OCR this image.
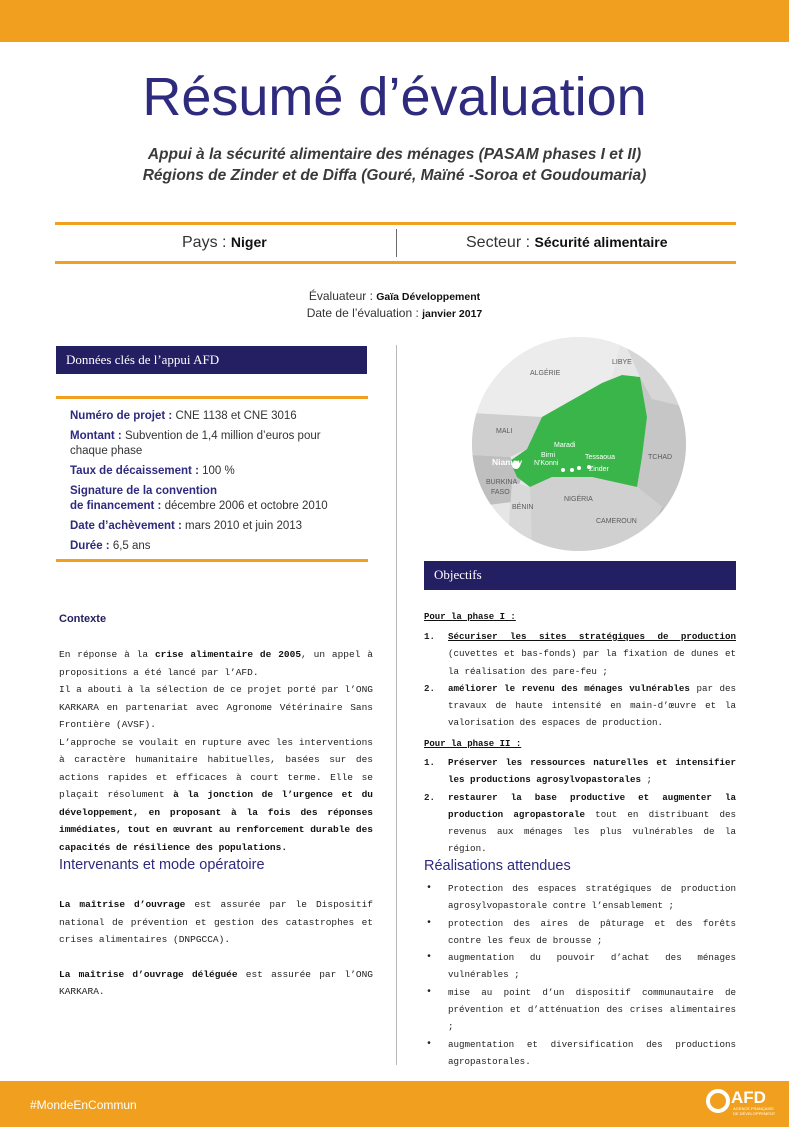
Résumé d’évaluation
Appui à la sécurité alimentaire des ménages (PASAM phases I et II)
Régions de Zinder et de Diffa (Gouré, Maïné -Soroa et Goudoumaria)
Pays : Niger	Secteur : Sécurité alimentaire
Évaluateur : Gaïa Développement
Date de l’évaluation : janvier 2017
Données clés de l’appui AFD
Numéro de projet : CNE 1138 et CNE 3016
Montant : Subvention de 1,4 million d’euros pour chaque phase
Taux de décaissement : 100 %
Signature de la convention
de financement : décembre 2006 et octobre 2010
Date d’achèvement : mars 2010 et juin 2013
Durée : 6,5 ans
ALGÉRIE
LIBYE
MALI
TCHAD
BURKINA
FASO
BÉNIN
NIGÉRIA
CAMEROUN
Niamey
Maradi
Birni
N'Konni
Tessaoua
Zinder
Objectifs
Contexte

En réponse à la crise alimentaire de 2005, un appel à propositions a été lancé par l’AFD.

Il a abouti à la sélection de ce projet porté par l’ONG KARKARA en partenariat avec Agronome Vétérinaire Sans Frontière (AVSF).

L’approche se voulait en rupture avec les interventions à caractère humanitaire habituelles, basées sur des actions rapides et efficaces à court terme. Elle se plaçait résolument à la jonction de l’urgence et du développement, en proposant à la fois des réponses immédiates, tout en œuvrant au renforcement durable des capacités de résilience des populations.

Intervenants et mode opératoire

La maîtrise d’ouvrage est assurée par le Dispositif national de prévention et gestion des catastrophes et crises alimentaires (DNPGCCA).

La maîtrise d’ouvrage déléguée est assurée par l’ONG KARKARA.

Pour la phase I :
1. Sécuriser les sites stratégiques de production (cuvettes et bas-fonds) par la fixation de dunes et la réalisation des pare-feu ;
2. améliorer le revenu des ménages vulnérables par des travaux de haute intensité en main-d’œuvre et la valorisation des espaces de production.
Pour la phase II :
1. Préserver les ressources naturelles et intensifier les productions agrosylvopastorales ;
2. restaurer la base productive et augmenter la production agropastorale tout en distribuant des revenus aux ménages les plus vulnérables de la région.
Réalisations attendues
• Protection des espaces stratégiques de production agrosylvopastorale contre l’ensablement ;
• protection des aires de pâturage et des forêts contre les feux de brousse ;
• augmentation du pouvoir d’achat des ménages vulnérables ;
• mise au point d’un dispositif communautaire de prévention et d’atténuation des crises alimentaires ;
• augmentation et diversification des productions agropastorales.
#MondeEnCommun	AFD
AGENCE FRANÇAISE DE DÉVELOPPEMENT
